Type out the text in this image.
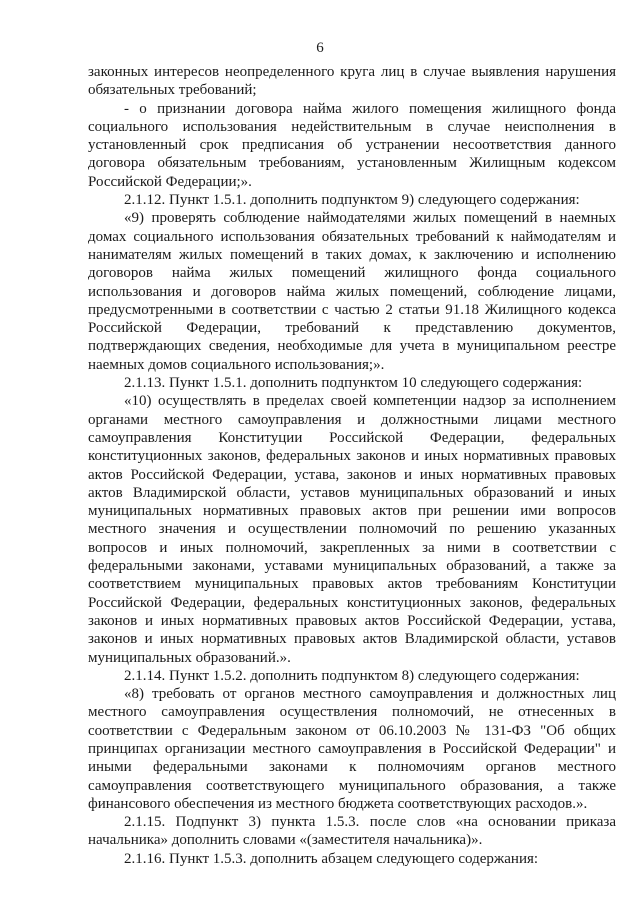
6

законных интересов неопределенного круга лиц в случае выявления нарушения обязательных требований;

- о признании договора найма жилого помещения жилищного фонда социального использования недействительным в случае неисполнения в установленный срок предписания об устранении несоответствия данного договора обязательным требованиям, установленным Жилищным кодексом Российской Федерации;».

2.1.12. Пункт 1.5.1. дополнить подпунктом 9) следующего содержания:

«9) проверять соблюдение наймодателями жилых помещений в наемных домах социального использования обязательных требований к наймодателям и нанимателям жилых помещений в таких домах, к заключению и исполнению договоров найма жилых помещений жилищного фонда социального использования и договоров найма жилых помещений, соблюдение лицами, предусмотренными в соответствии с частью 2 статьи 91.18 Жилищного кодекса Российской Федерации, требований к представлению документов, подтверждающих сведения, необходимые для учета в муниципальном реестре наемных домов социального использования;».

2.1.13. Пункт 1.5.1. дополнить подпунктом 10 следующего содержания:

«10) осуществлять в пределах своей компетенции надзор за исполнением органами местного самоуправления и должностными лицами местного самоуправления Конституции Российской Федерации, федеральных конституционных законов, федеральных законов и иных нормативных правовых актов Российской Федерации, устава, законов и иных нормативных правовых актов Владимирской области, уставов муниципальных образований и иных муниципальных нормативных правовых актов при решении ими вопросов местного значения и осуществлении полномочий по решению указанных вопросов и иных полномочий, закрепленных за ними в соответствии с федеральными законами, уставами муниципальных образований, а также за соответствием муниципальных правовых актов требованиям Конституции Российской Федерации, федеральных конституционных законов, федеральных законов и иных нормативных правовых актов Российской Федерации, устава, законов и иных нормативных правовых актов Владимирской области, уставов муниципальных образований.».

2.1.14. Пункт 1.5.2. дополнить подпунктом 8) следующего содержания:

«8) требовать от органов местного самоуправления и должностных лиц местного самоуправления осуществления полномочий, не отнесенных в соответствии с Федеральным законом от 06.10.2003 № 131-ФЗ "Об общих принципах организации местного самоуправления в Российской Федерации" и иными федеральными законами к полномочиям органов местного самоуправления соответствующего муниципального образования, а также финансового обеспечения из местного бюджета соответствующих расходов.».

2.1.15. Подпункт 3) пункта 1.5.3. после слов «на основании приказа начальника» дополнить словами «(заместителя начальника)».

2.1.16. Пункт 1.5.3. дополнить абзацем следующего содержания:
